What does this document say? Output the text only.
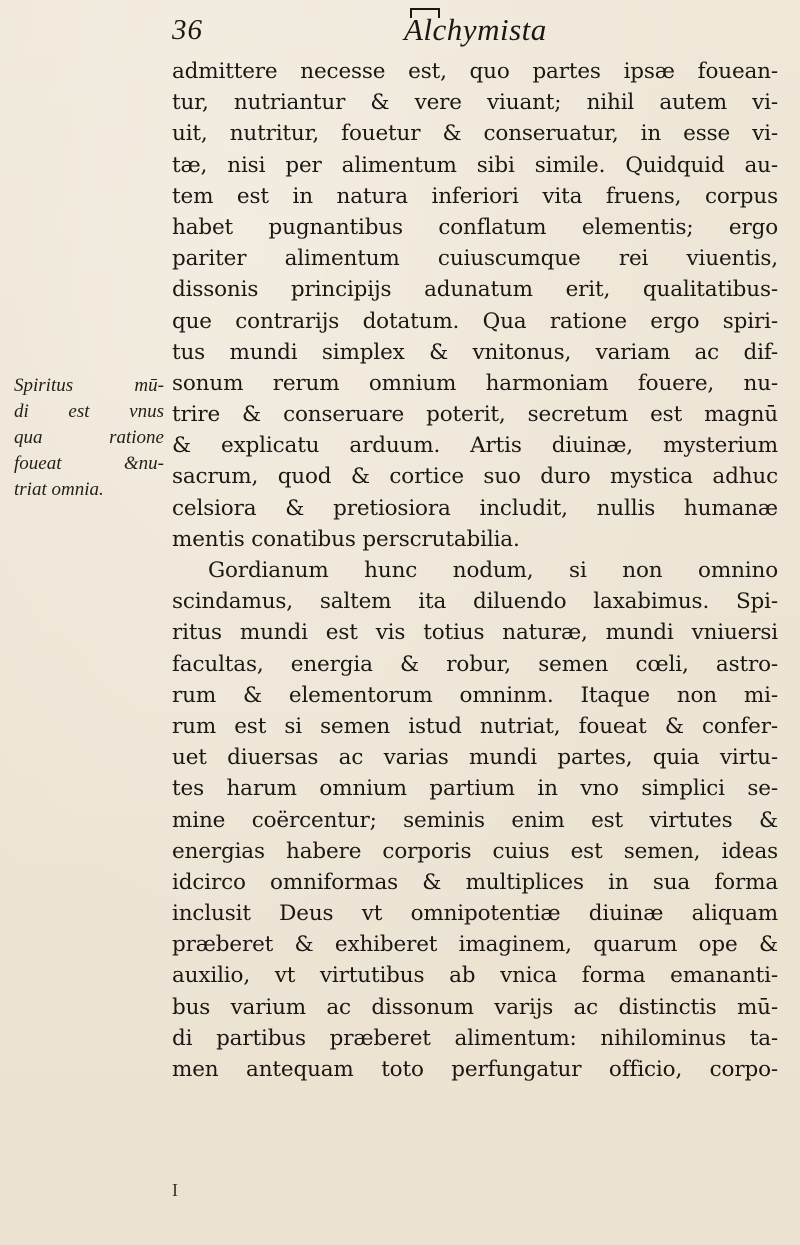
36	Alchymista
Spiritus mū-
di est vnus
qua ratione
foueat &nu-
triat omnia.
admittere necesse est, quo partes ipsæ fouean-
tur, nutriantur & vere viuant; nihil autem vi-
uit, nutritur, fouetur & conseruatur, in esse vi-
tæ, nisi per alimentum sibi simile. Quidquid au-
tem est in natura inferiori vita fruens, corpus
habet pugnantibus conflatum elementis; ergo
pariter alimentum cuiuscumque rei viuentis,
dissonis principijs adunatum erit, qualitatibus-
que contrarijs dotatum. Qua ratione ergo spiri-
tus mundi simplex & vnitonus, variam ac dif-
sonum rerum omnium harmoniam fouere, nu-
trire & conseruare poterit, secretum est magnū
& explicatu arduum. Artis diuinæ, mysterium
sacrum, quod & cortice suo duro mystica adhuc
celsiora & pretiosiora includit, nullis humanæ
mentis conatibus perscrutabilia.
Gordianum hunc nodum, si non omnino
scindamus, saltem ita diluendo laxabimus. Spi-
ritus mundi est vis totius naturæ, mundi vniuersi
facultas, energia & robur, semen cœli, astro-
rum & elementorum omninm. Itaque non mi-
rum est si semen istud nutriat, foueat & confer-
uet diuersas ac varias mundi partes, quia virtu-
tes harum omnium partium in vno simplici se-
mine coërcentur; seminis enim est virtutes &
energias habere corporis cuius est semen, ideas
idcirco omniformas & multiplices in sua forma
inclusit Deus vt omnipotentiæ diuinæ aliquam
præberet & exhiberet imaginem, quarum ope &
auxilio, vt virtutibus ab vnica forma emananti-
bus varium ac dissonum varijs ac distinctis mū-
di partibus præberet alimentum: nihilominus ta-
men antequam toto perfungatur officio, corpo-
I
